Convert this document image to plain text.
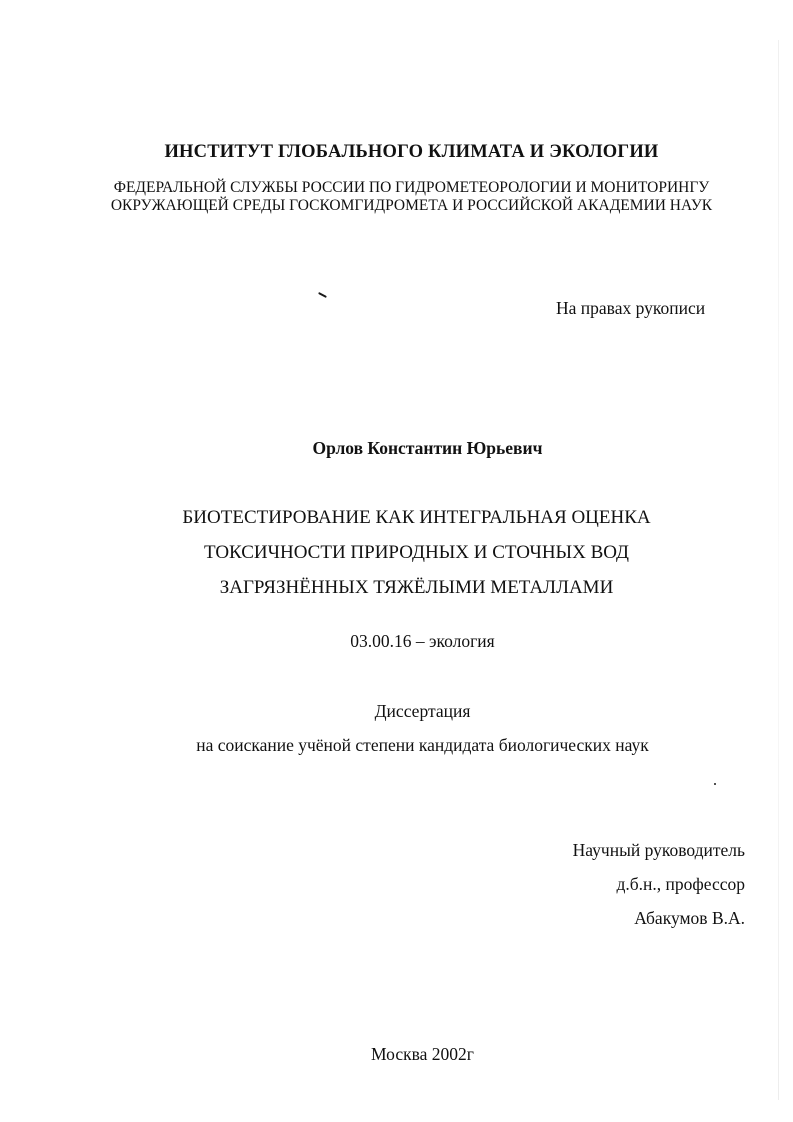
ИНСТИТУТ ГЛОБАЛЬНОГО КЛИМАТА И ЭКОЛОГИИ
ФЕДЕРАЛЬНОЙ СЛУЖБЫ РОССИИ ПО ГИДРОМЕТЕОРОЛОГИИ И МОНИТОРИНГУ
ОКРУЖАЮЩЕЙ СРЕДЫ ГОСКОМГИДРОМЕТА И РОССИЙСКОЙ АКАДЕМИИ НАУК
На правах рукописи
Орлов Константин Юрьевич
БИОТЕСТИРОВАНИЕ КАК ИНТЕГРАЛЬНАЯ ОЦЕНКА
ТОКСИЧНОСТИ ПРИРОДНЫХ И СТОЧНЫХ ВОД
ЗАГРЯЗНЁННЫХ ТЯЖЁЛЫМИ МЕТАЛЛАМИ
03.00.16 – экология
Диссертация
на соискание учёной степени кандидата биологических наук
Научный руководитель
д.б.н., профессор
Абакумов В.А.
Москва 2002г
